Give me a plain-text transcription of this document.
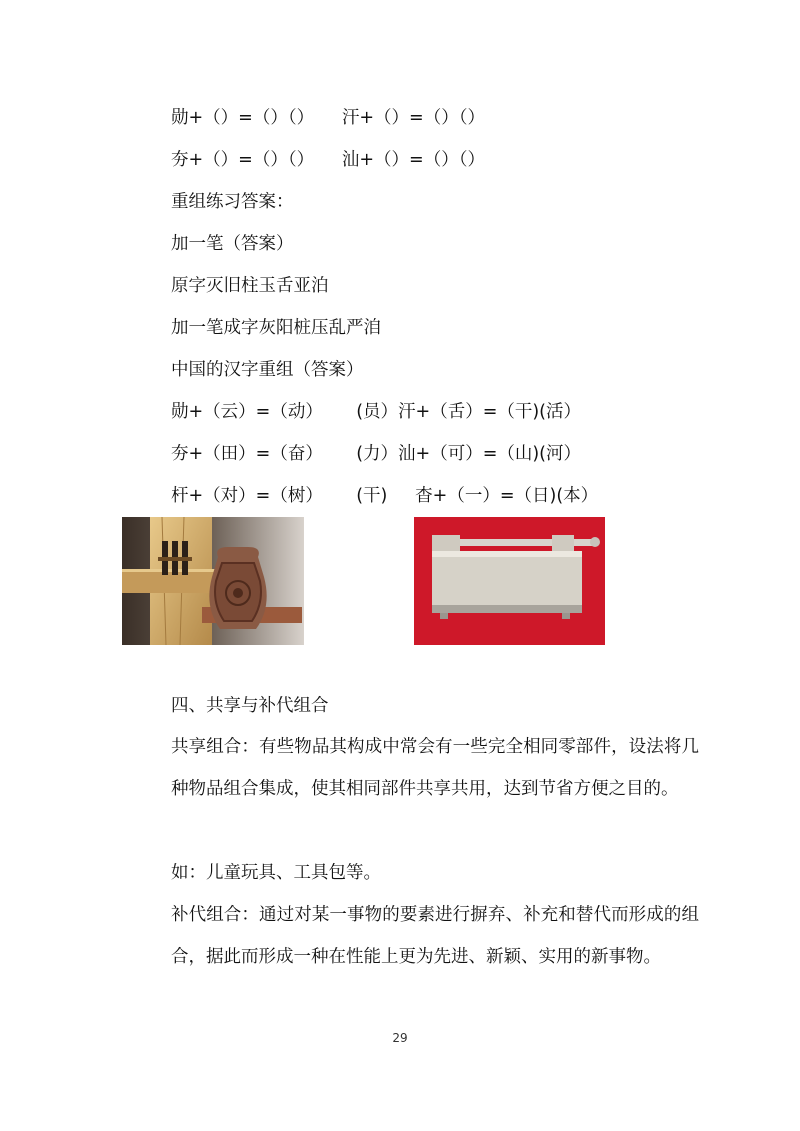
勋+（）=（）（）     汗+（）=（）（）
夯+（）=（）（）     汕+（）=（）（）
重组练习答案：
加一笔（答案）
原字灭旧柱玉舌亚泊
加一笔成字灰阳桩压乱严洎
中国的汉字重组（答案）
勋+（云）=（动）      (员）汗+（舌）=（干)(活）
夯+（田）=（奋）      (力）汕+（可）=（山)(河）
杆+（对）=（树）      (干)     杳+（一）=（日)(本）
四、共享与补代组合
共享组合：有些物品其构成中常会有一些完全相同零部件，设法将几种物品组合集成，使其相同部件共享共用，达到节省方便之目的。
如：儿童玩具、工具包等。
补代组合：通过对某一事物的要素进行摒弃、补充和替代而形成的组合，据此而形成一种在性能上更为先进、新颖、实用的新事物。
29
